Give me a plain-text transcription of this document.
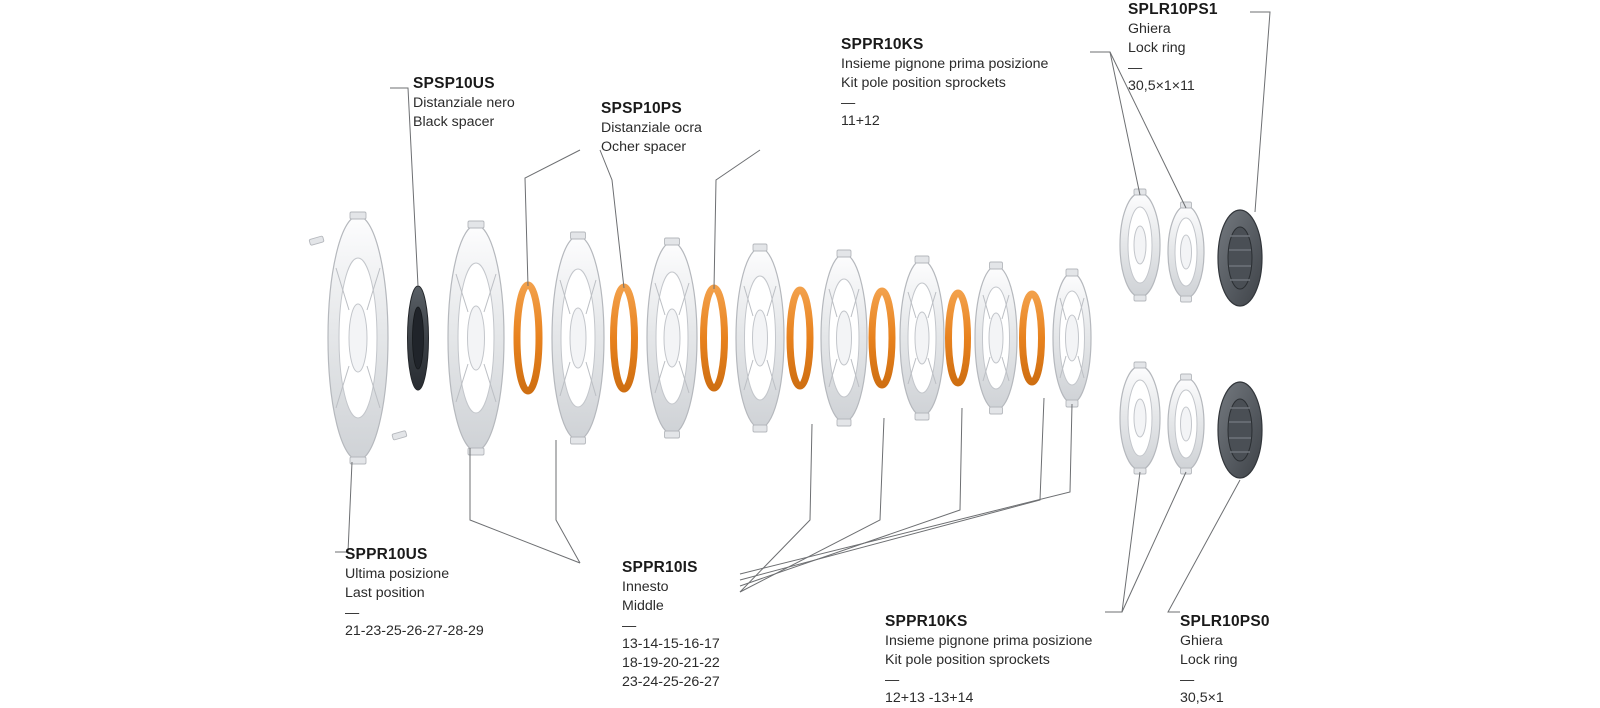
SPSP10US
Distanziale nero
Black spacer
SPSP10PS
Distanziale ocra
Ocher spacer
SPPR10KS
Insieme pignone prima posizione
Kit pole position sprockets
—
11+12
SPLR10PS1
Ghiera
Lock ring
—
30,5×1×11
SPPR10US
Ultima posizione
Last position
—
21-23-25-26-27-28-29
SPPR10IS
Innesto
Middle
—
13-14-15-16-17
18-19-20-21-22
23-24-25-26-27
SPPR10KS
Insieme pignone prima posizione
Kit pole position sprockets
—
12+13 -13+14
SPLR10PS0
Ghiera
Lock ring
—
30,5×1
